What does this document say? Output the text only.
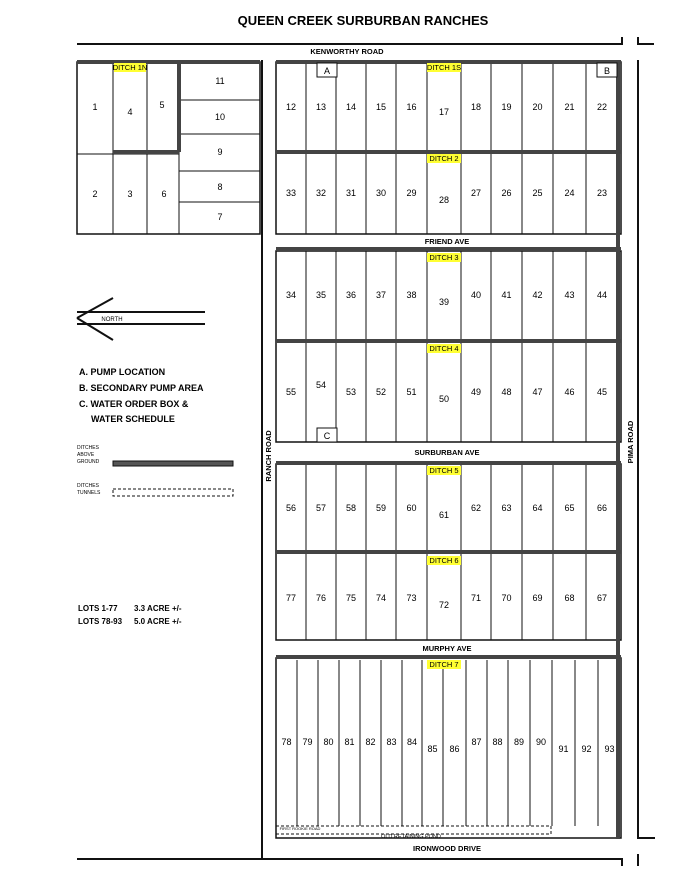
QUEEN CREEK SURBURBAN RANCHES
A	B
C
DITCH 1N	DITCH 1S
DITCH 2
DITCH 3
DITCH 4
DITCH 5
DITCH 6
DITCH 7
KENWORTHY ROAD
FRIEND AVE
SURBURBAN AVE
MURPHY AVE
IRONWOOD DRIVE
RANCH ROAD	PIMA ROAD
FIRST ROOKIE ROAD
OLD RETAINING POND
NORTH
A. PUMP LOCATION
B. SECONDARY PUMP AREA
C. WATER ORDER BOX &
WATER SCHEDULE
DITCHES
ABOVE
GROUND
DITCHES
TUNNELS
LOTS 1-77 3.3 ACRE +/-
LOTS 78-93 5.0 ACRE +/-
12 13 14 15 16 17 18 19 20 21 22
33 32 31 30 29
28
27 26 25 24 23
34 35 36 37 38
39
40 41 42 43 44
55
54
53 52 51
50
49 48 47 46 45
56 57 58 59 60
61
62 63 64 65 66
77 76 75 74 73
72
71 70 69 68 67
78 79 80 81 82 83 84
85 86
87 88 89 90
91 92 93
1
2	3
4
5
6
7
8
9
10
11
